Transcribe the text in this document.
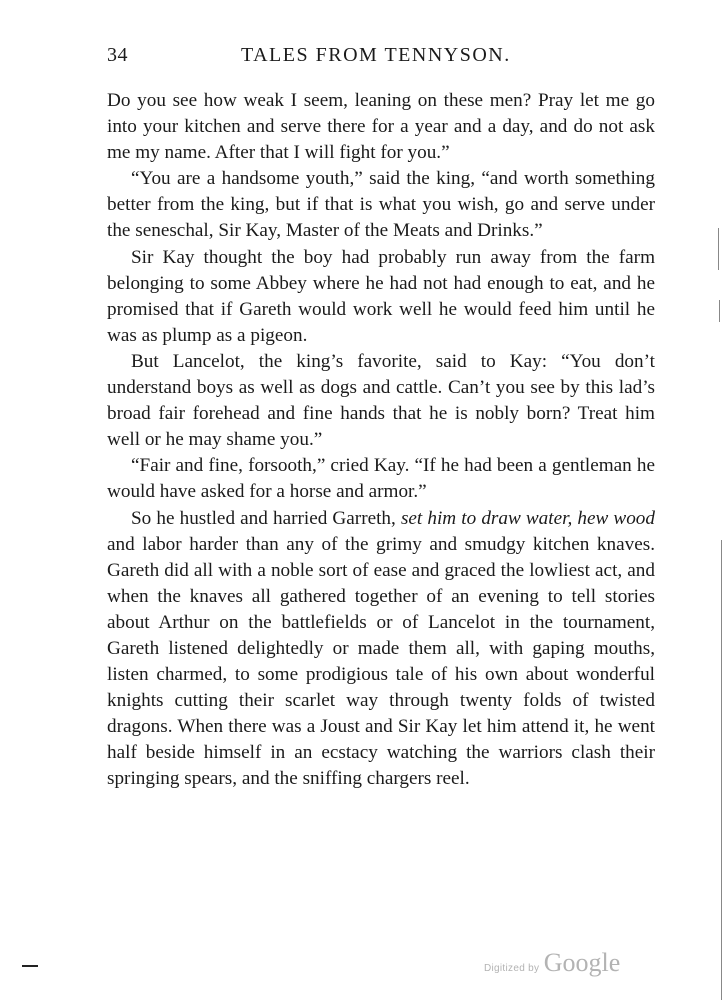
34	TALES FROM TENNYSON.

Do you see how weak I seem, leaning on these men? Pray let me go into your kitchen and serve there for a year and a day, and do not ask me my name. After that I will fight for you.”

“You are a handsome youth,” said the king, “and worth something better from the king, but if that is what you wish, go and serve under the seneschal, Sir Kay, Master of the Meats and Drinks.”

Sir Kay thought the boy had probably run away from the farm belonging to some Abbey where he had not had enough to eat, and he promised that if Gareth would work well he would feed him until he was as plump as a pigeon.

But Lancelot, the king’s favorite, said to Kay: “You don’t understand boys as well as dogs and cattle. Can’t you see by this lad’s broad fair forehead and fine hands that he is nobly born? Treat him well or he may shame you.”

“Fair and fine, forsooth,” cried Kay. “If he had been a gentleman he would have asked for a horse and armor.”

So he hustled and harried Garreth, set him to draw water, hew wood and labor harder than any of the grimy and smudgy kitchen knaves. Gareth did all with a noble sort of ease and graced the lowliest act, and when the knaves all gathered together of an evening to tell stories about Arthur on the battlefields or of Lancelot in the tournament, Gareth listened delightedly or made them all, with gaping mouths, listen charmed, to some prodigious tale of his own about wonderful knights cutting their scarlet way through twenty folds of twisted dragons. When there was a Joust and Sir Kay let him attend it, he went half beside himself in an ecstacy watching the warriors clash their springing spears, and the sniffing chargers reel.

Digitized by Google
